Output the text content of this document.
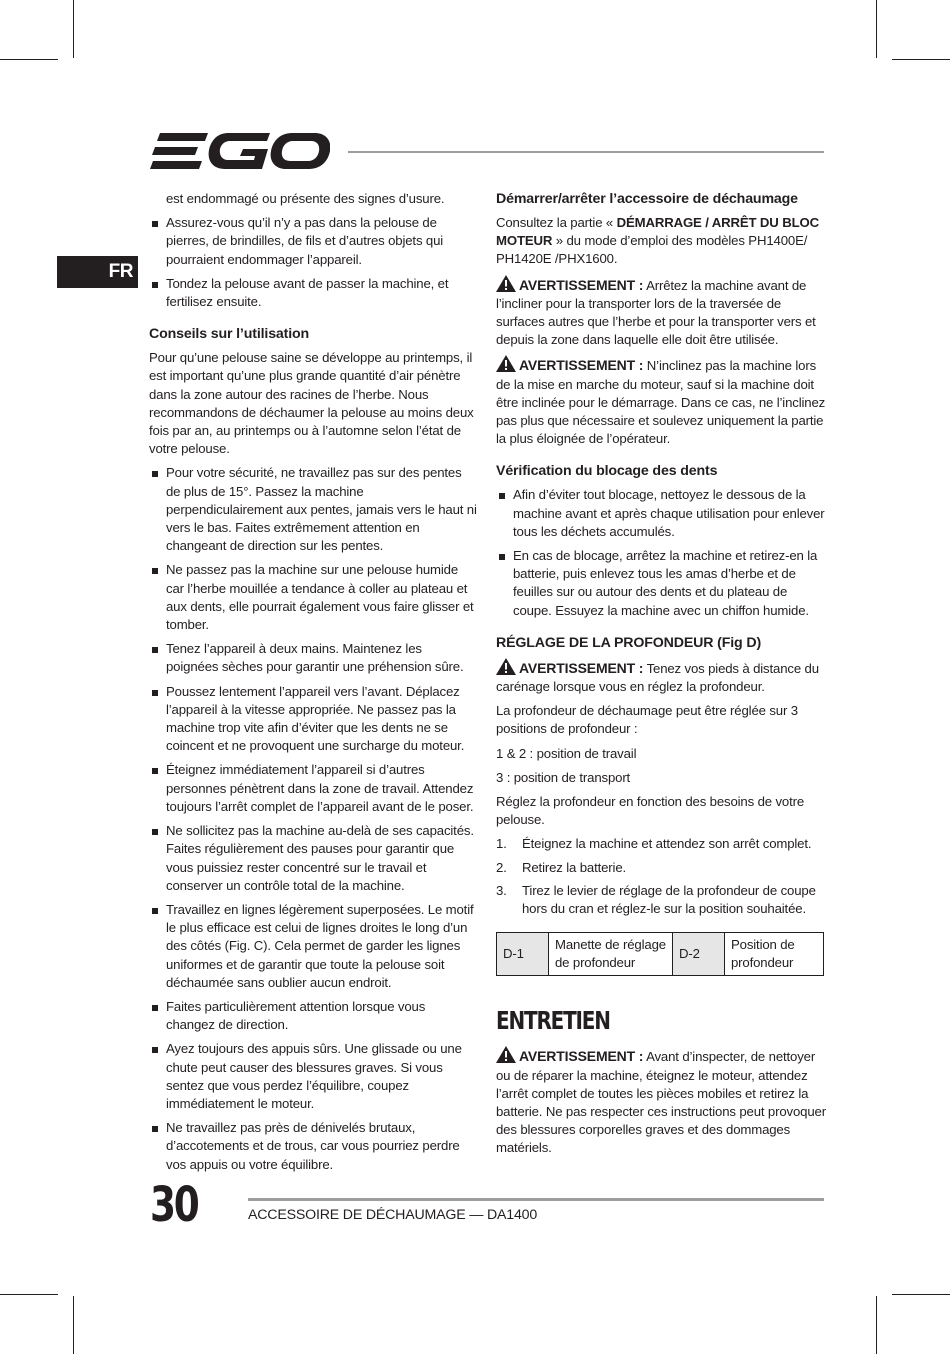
FR
est endommagé ou présente des signes d’usure.
Assurez-vous qu’il n’y a pas dans la pelouse de pierres, de brindilles, de fils et d’autres objets qui pourraient endommager l’appareil.
Tondez la pelouse avant de passer la machine, et fertilisez ensuite.
Conseils sur l’utilisation

Pour qu’une pelouse saine se développe au printemps, il est important qu’une plus grande quantité d’air pénètre dans la zone autour des racines de l’herbe. Nous recommandons de déchaumer la pelouse au moins deux fois par an, au printemps ou à l’automne selon l’état de votre pelouse.

Pour votre sécurité, ne travaillez pas sur des pentes de plus de 15°. Passez la machine perpendiculairement aux pentes, jamais vers le haut ni vers le bas. Faites extrêmement attention en changeant de direction sur les pentes.
Ne passez pas la machine sur une pelouse humide car l’herbe mouillée a tendance à coller au plateau et aux dents, elle pourrait également vous faire glisser et tomber.
Tenez l’appareil à deux mains. Maintenez les poignées sèches pour garantir une préhension sûre.
Poussez lentement l’appareil vers l’avant. Déplacez l’appareil à la vitesse appropriée. Ne passez pas la machine trop vite afin d’éviter que les dents ne se coincent et ne provoquent une surcharge du moteur.
Éteignez immédiatement l’appareil si d’autres personnes pénètrent dans la zone de travail. Attendez toujours l’arrêt complet de l’appareil avant de le poser.
Ne sollicitez pas la machine au-delà de ses capacités. Faites régulièrement des pauses pour garantir que vous puissiez rester concentré sur le travail et conserver un contrôle total de la machine.
Travaillez en lignes légèrement superposées. Le motif le plus efficace est celui de lignes droites le long d’un des côtés (Fig. C). Cela permet de garder les lignes uniformes et de garantir que toute la pelouse soit déchaumée sans oublier aucun endroit.
Faites particulièrement attention lorsque vous changez de direction.
Ayez toujours des appuis sûrs. Une glissade ou une chute peut causer des blessures graves. Si vous sentez que vous perdez l’équilibre, coupez immédiatement le moteur.
Ne travaillez pas près de dénivelés brutaux, d’accotements et de trous, car vous pourriez perdre vos appuis ou votre équilibre.
Démarrer/arrêter l’accessoire de déchaumage

Consultez la partie « DÉMARRAGE / ARRÊT DU BLOC MOTEUR » du mode d’emploi des modèles PH1400E/ PH1420E /PHX1600.

AVERTISSEMENT : Arrêtez la machine avant de l’incliner pour la transporter lors de la traversée de surfaces autres que l’herbe et pour la transporter vers et depuis la zone dans laquelle elle doit être utilisée.

AVERTISSEMENT : N’inclinez pas la machine lors de la mise en marche du moteur, sauf si la machine doit être inclinée pour le démarrage. Dans ce cas, ne l’inclinez pas plus que nécessaire et soulevez uniquement la partie la plus éloignée de l’opérateur.

Vérification du blocage des dents
Afin d’éviter tout blocage, nettoyez le dessous de la machine avant et après chaque utilisation pour enlever tous les déchets accumulés.
En cas de blocage, arrêtez la machine et retirez-en la batterie, puis enlevez tous les amas d’herbe et de feuilles sur ou autour des dents et du plateau de coupe. Essuyez la machine avec un chiffon humide.
RÉGLAGE DE LA PROFONDEUR (Fig D)

AVERTISSEMENT : Tenez vos pieds à distance du carénage lorsque vous en réglez la profondeur.

La profondeur de déchaumage peut être réglée sur 3 positions de profondeur :

1 & 2 : position de travail

3 : position de transport

Réglez la profondeur en fonction des besoins de votre pelouse.

1. Éteignez la machine et attendez son arrêt complet.
2. Retirez la batterie.
3. Tirez le levier de réglage de la profondeur de coupe hors du cran et réglez-le sur la position souhaitée.
D-1	Manette de réglage de profondeur	D-2	Position de profondeur
ENTRETIEN

AVERTISSEMENT : Avant d’inspecter, de nettoyer ou de réparer la machine, éteignez le moteur, attendez l’arrêt complet de toutes les pièces mobiles et retirez la batterie. Ne pas respecter ces instructions peut provoquer des blessures corporelles graves et des dommages matériels.

30	ACCESSOIRE DE DÉCHAUMAGE — DA1400
